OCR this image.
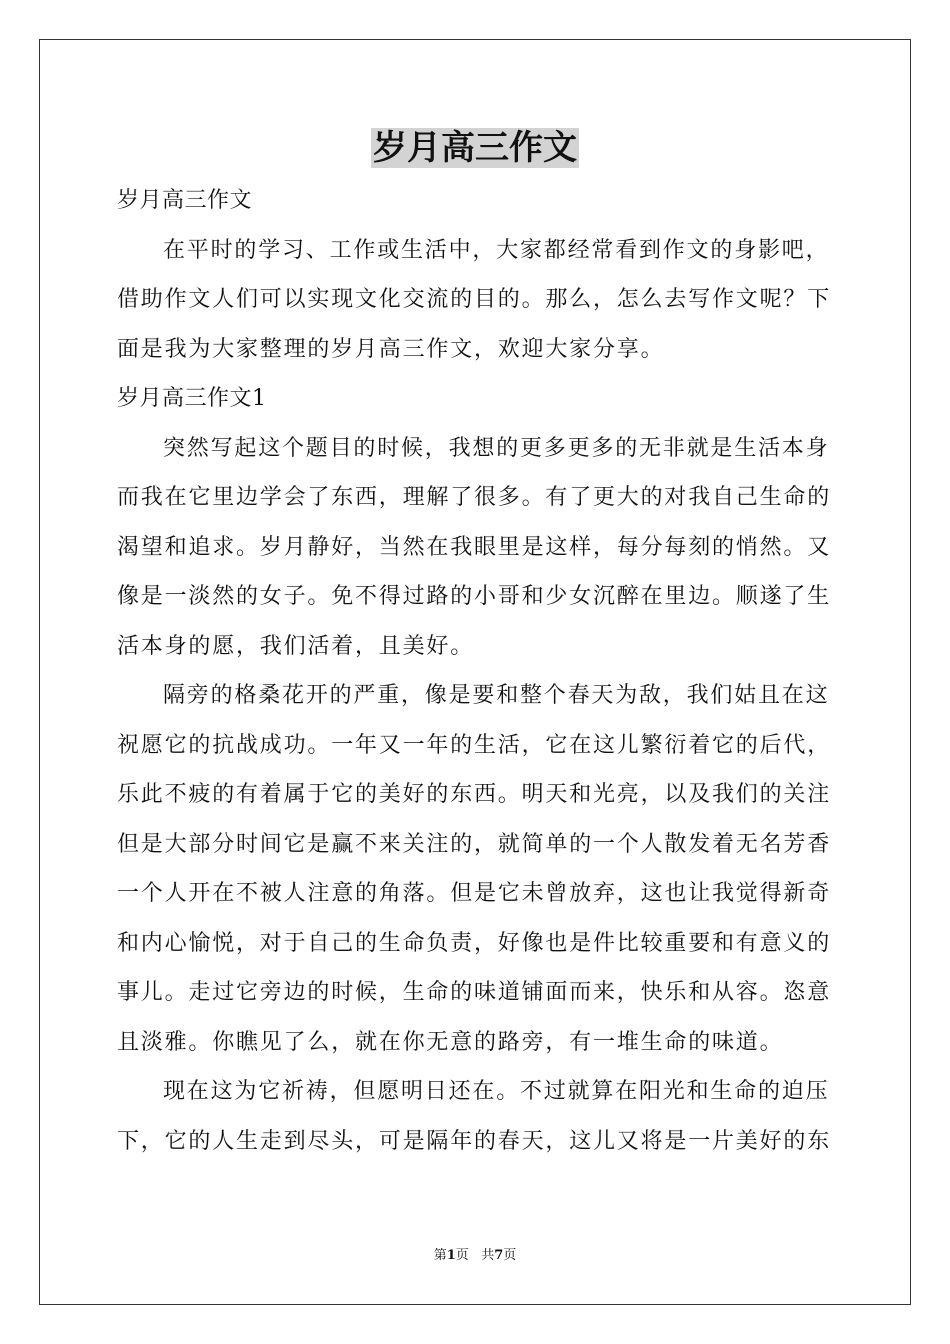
岁月高三作文
岁月高三作文
在平时的学习、工作或生活中，大家都经常看到作文的身影吧，
借助作文人们可以实现文化交流的目的。那么，怎么去写作文呢？下
面是我为大家整理的岁月高三作文，欢迎大家分享。
岁月高三作文1
突然写起这个题目的时候，我想的更多更多的无非就是生活本身
而我在它里边学会了东西，理解了很多。有了更大的对我自己生命的
渴望和追求。岁月静好，当然在我眼里是这样，每分每刻的悄然。又
像是一淡然的女子。免不得过路的小哥和少女沉醉在里边。顺遂了生
活本身的愿，我们活着，且美好。
隔旁的格桑花开的严重，像是要和整个春天为敌，我们姑且在这
祝愿它的抗战成功。一年又一年的生活，它在这儿繁衍着它的后代，
乐此不疲的有着属于它的美好的东西。明天和光亮，以及我们的关注
但是大部分时间它是赢不来关注的，就简单的一个人散发着无名芳香
一个人开在不被人注意的角落。但是它未曾放弃，这也让我觉得新奇
和内心愉悦，对于自己的生命负责，好像也是件比较重要和有意义的
事儿。走过它旁边的时候，生命的味道铺面而来，快乐和从容。恣意
且淡雅。你瞧见了么，就在你无意的路旁，有一堆生命的味道。
现在这为它祈祷，但愿明日还在。不过就算在阳光和生命的迫压
下，它的人生走到尽头，可是隔年的春天，这儿又将是一片美好的东
第1页 共7页
